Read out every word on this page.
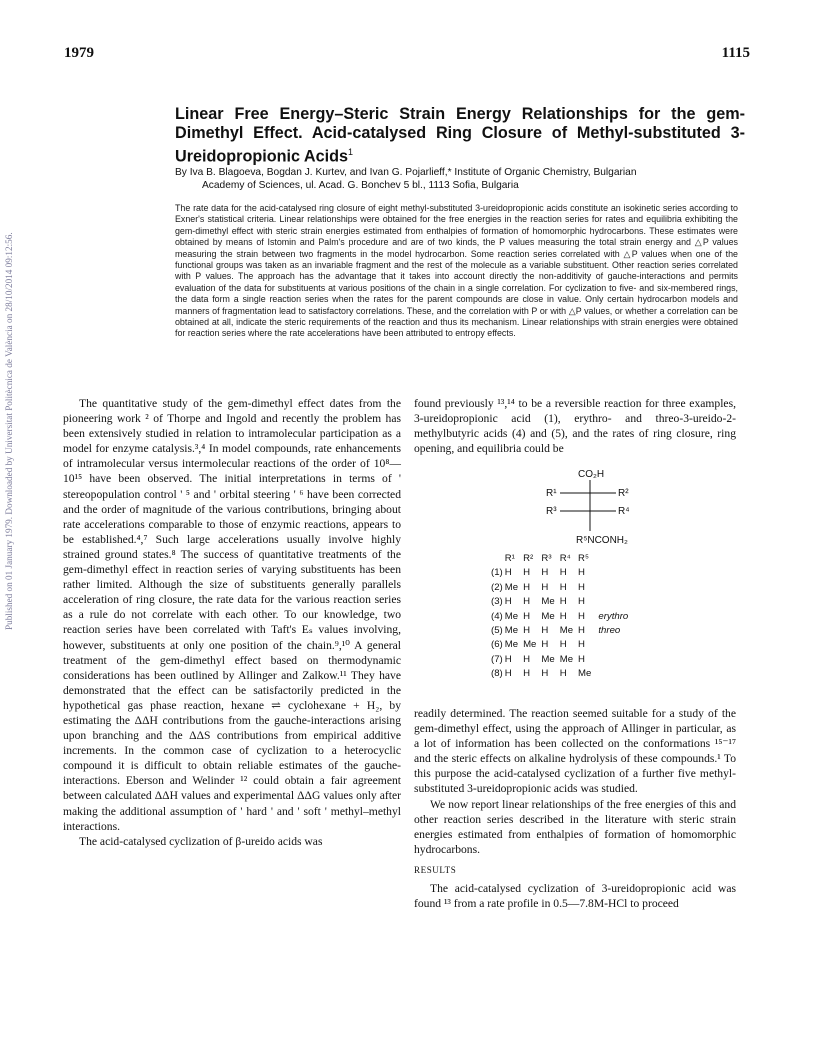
1979	1115
Published on 01 January 1979. Downloaded by Universitat Politècnica de València on 28/10/2014 09:12:56.
Linear Free Energy–Steric Strain Energy Relationships for the gem-Dimethyl Effect. Acid-catalysed Ring Closure of Methyl-substituted 3-Ureidopropionic Acids$^1$
By Iva B. Blagoeva, Bogdan J. Kurtev, and Ivan G. Pojarlieff,* Institute of Organic Chemistry, Bulgarian
Academy of Sciences, ul. Acad. G. Bonchev 5 bl., 1113 Sofia, Bulgaria
The rate data for the acid-catalysed ring closure of eight methyl-substituted 3-ureidopropionic acids constitute an isokinetic series according to Exner's statistical criteria. Linear relationships were obtained for the free energies in the reaction series for rates and equilibria exhibiting the gem-dimethyl effect with steric strain energies estimated from enthalpies of formation of homomorphic hydrocarbons. These estimates were obtained by means of Istomin and Palm's procedure and are of two kinds, the P values measuring the total strain energy and △P values measuring the strain between two fragments in the model hydrocarbon. Some reaction series correlated with △P values when one of the functional groups was taken as an invariable fragment and the rest of the molecule as a variable substituent. Other reaction series correlated with P values. The approach has the advantage that it takes into account directly the non-additivity of gauche-interactions and permits evaluation of the data for substituents at various positions of the chain in a single correlation. For cyclization to five- and six-membered rings, the data form a single reaction series when the rates for the parent compounds are close in value. Only certain hydrocarbon models and manners of fragmentation lead to satisfactory correlations. These, and the correlation with P or with △P values, or whether a correlation can be obtained at all, indicate the steric requirements of the reaction and thus its mechanism. Linear relationships with strain energies were obtained for reaction series where the rate accelerations have been attributed to entropy effects.

The quantitative study of the gem-dimethyl effect dates from the pioneering work ² of Thorpe and Ingold and recently the problem has been extensively studied in relation to intramolecular participation as a model for enzyme catalysis.³,⁴ In model compounds, rate enhancements of intramolecular versus intermolecular reactions of the order of 10⁸—10¹⁵ have been observed. The initial interpretations in terms of ' stereopopulation control ' ⁵ and ' orbital steering ' ⁶ have been corrected and the order of magnitude of the various contributions, bringing about rate accelerations comparable to those of enzymic reactions, appears to be established.⁴,⁷ Such large accelerations usually involve highly strained ground states.⁸ The success of quantitative treatments of the gem-dimethyl effect in reaction series of varying substituents has been rather limited. Although the size of substituents generally parallels acceleration of ring closure, the rate data for the various reaction series as a rule do not correlate with each other. To our knowledge, two reaction series have been correlated with Taft's Eₛ values involving, however, substituents at only one position of the chain.⁹,¹⁰ A general treatment of the gem-dimethyl effect based on thermodynamic considerations has been outlined by Allinger and Zalkow.¹¹ They have demonstrated that the effect can be satisfactorily predicted in the hypothetical gas phase reaction, hexane ⇌ cyclohexane + H₂, by estimating the ΔΔH contributions from the gauche-interactions arising upon branching and the ΔΔS contributions from empirical additive increments. In the common case of cyclization to a heterocyclic compound it is difficult to obtain reliable estimates of the gauche-interactions. Eberson and Welinder ¹² could obtain a fair agreement between calculated ΔΔH values and experimental ΔΔG values only after making the additional assumption of ' hard ' and ' soft ' methyl–methyl interactions.

The acid-catalysed cyclization of β-ureido acids was

found previously ¹³,¹⁴ to be a reversible reaction for three examples, 3-ureidopropionic acid (1), erythro- and threo-3-ureido-2-methylbutyric acids (4) and (5), and the rates of ring closure, ring opening, and equilibria could be

CO₂H
R¹	R²
R³	R⁴
R⁵NCONH₂
	R¹	R²	R³	R⁴	R⁵	
(1)	H	H	H	H	H	
(2)	Me	H	H	H	H	
(3)	H	H	Me	H	H	
(4)	Me	H	Me	H	H	erythro
(5)	Me	H	H	Me	H	threo
(6)	Me	Me	H	H	H	
(7)	H	H	Me	Me	H	
(8)	H	H	H	H	Me	

readily determined. The reaction seemed suitable for a study of the gem-dimethyl effect, using the approach of Allinger in particular, as a lot of information has been collected on the conformations ¹⁵⁻¹⁷ and the steric effects on alkaline hydrolysis of these compounds.¹ To this purpose the acid-catalysed cyclization of a further five methyl-substituted 3-ureidopropionic acids was studied.

We now report linear relationships of the free energies of this and other reaction series described in the literature with steric strain energies estimated from enthalpies of formation of homomorphic hydrocarbons.

RESULTS

The acid-catalysed cyclization of 3-ureidopropionic acid was found ¹³ from a rate profile in 0.5—7.8M-HCl to proceed
